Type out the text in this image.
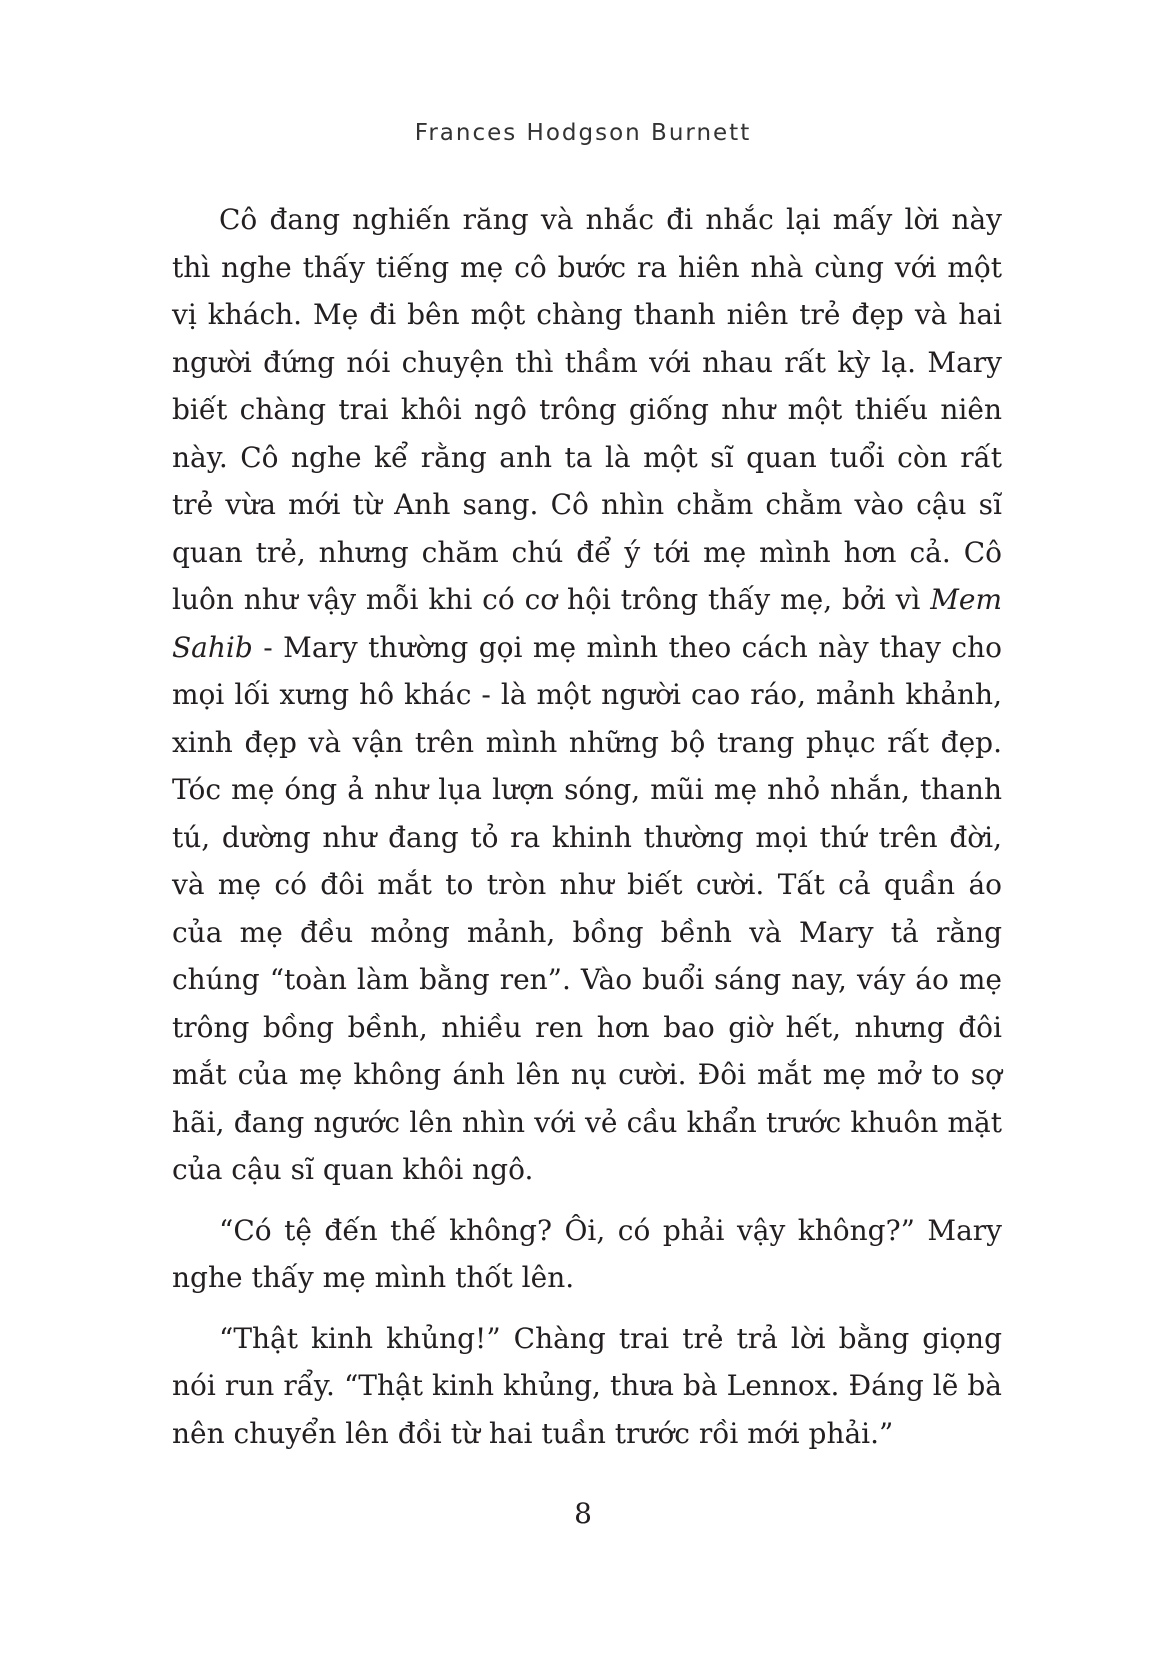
Frances Hodgson Burnett

Cô đang nghiến răng và nhắc đi nhắc lại mấy lời này thì nghe thấy tiếng mẹ cô bước ra hiên nhà cùng với một vị khách. Mẹ đi bên một chàng thanh niên trẻ đẹp và hai người đứng nói chuyện thì thầm với nhau rất kỳ lạ. Mary biết chàng trai khôi ngô trông giống như một thiếu niên này. Cô nghe kể rằng anh ta là một sĩ quan tuổi còn rất trẻ vừa mới từ Anh sang. Cô nhìn chằm chằm vào cậu sĩ quan trẻ, nhưng chăm chú để ý tới mẹ mình hơn cả. Cô luôn như vậy mỗi khi có cơ hội trông thấy mẹ, bởi vì Mem Sahib - Mary thường gọi mẹ mình theo cách này thay cho mọi lối xưng hô khác - là một người cao ráo, mảnh khảnh, xinh đẹp và vận trên mình những bộ trang phục rất đẹp. Tóc mẹ óng ả như lụa lượn sóng, mũi mẹ nhỏ nhắn, thanh tú, dường như đang tỏ ra khinh thường mọi thứ trên đời, và mẹ có đôi mắt to tròn như biết cười. Tất cả quần áo của mẹ đều mỏng mảnh, bồng bềnh và Mary tả rằng chúng “toàn làm bằng ren”. Vào buổi sáng nay, váy áo mẹ trông bồng bềnh, nhiều ren hơn bao giờ hết, nhưng đôi mắt của mẹ không ánh lên nụ cười. Đôi mắt mẹ mở to sợ hãi, đang ngước lên nhìn với vẻ cầu khẩn trước khuôn mặt của cậu sĩ quan khôi ngô.

“Có tệ đến thế không? Ôi, có phải vậy không?” Mary nghe thấy mẹ mình thốt lên.

“Thật kinh khủng!” Chàng trai trẻ trả lời bằng giọng nói run rẩy. “Thật kinh khủng, thưa bà Lennox. Đáng lẽ bà nên chuyển lên đồi từ hai tuần trước rồi mới phải.”

8
